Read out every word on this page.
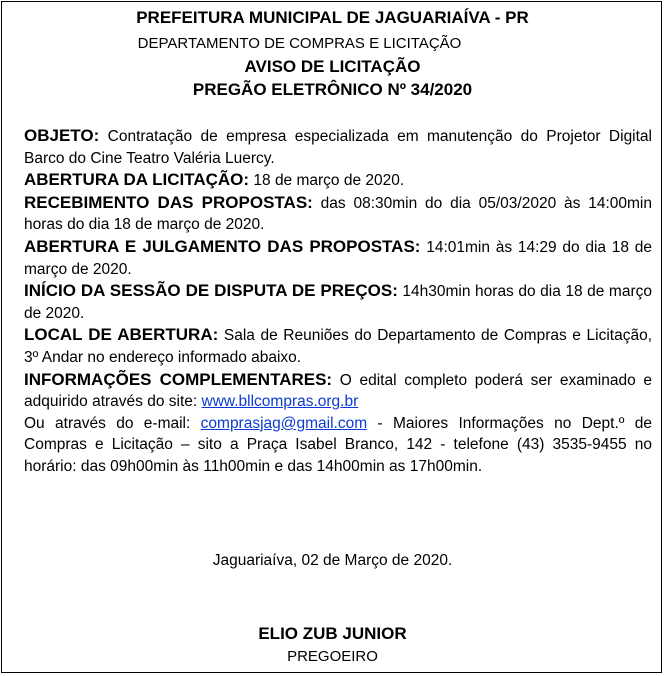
PREFEITURA MUNICIPAL DE JAGUARIAÍVA - PR
DEPARTAMENTO DE COMPRAS E LICITAÇÃO
AVISO DE LICITAÇÃO
PREGÃO ELETRÔNICO Nº 34/2020

OBJETO: Contratação de empresa especializada em manutenção do Projetor Digital Barco do Cine Teatro Valéria Luercy.

ABERTURA DA LICITAÇÃO: 18 de março de 2020.

RECEBIMENTO DAS PROPOSTAS: das 08:30min do dia 05/03/2020 às 14:00min horas do dia 18 de março de 2020.

ABERTURA E JULGAMENTO DAS PROPOSTAS: 14:01min às 14:29 do dia 18 de março de 2020.

INÍCIO DA SESSÃO DE DISPUTA DE PREÇOS: 14h30min horas do dia 18 de março de 2020.

LOCAL DE ABERTURA: Sala de Reuniões do Departamento de Compras e Licitação, 3º Andar no endereço informado abaixo.

INFORMAÇÕES COMPLEMENTARES: O edital completo poderá ser examinado e adquirido através do site: www.bllcompras.org.br
Ou através do e-mail: comprasjag@gmail.com - Maiores Informações no Dept.º de Compras e Licitação – sito a Praça Isabel Branco, 142 - telefone (43) 3535-9455 no horário: das 09h00min às 11h00min e das 14h00min as 17h00min.

Jaguariaíva, 02 de Março de 2020.
ELIO ZUB JUNIOR
PREGOEIRO
